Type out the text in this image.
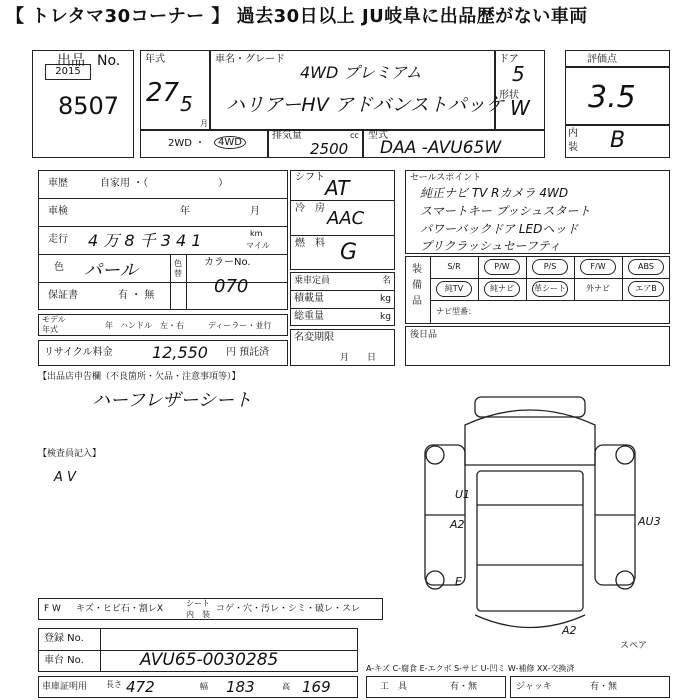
【 トレタマ30コーナー 】 過去30日以上 JU岐阜に出品歴がない車両
出品 No.
2015
8507
年式
27 5
月
車名・グレード
4WD プレミアム
ハリアーHV アドバンストパッケ
ドア
5
形状
W
評価点
3.5
内
装 B
2WD ・	4WD
排気量	cc
2500
型式
DAA -AVU65W
車歴	自家用 ・（　　　　　　　）
車検	年	月
走行 4 万 8 千 3 4 1	km
マイル
色 パール	色
替
カラーNo.
070
保証書	有 ・ 無
モデル
年式	年 ハンドル 左・右	ディーラー・並行
リサイクル料金 12,550 円 預託済
【出品店申告欄（不良箇所・欠品・注意事項等）】
ハーフレザーシート
【検査員記入】
A V
シフト AT
冷 房 AAC
燃 料 G
乗車定員	名
積載量	kg
総重量	kg
名変期限
月　　日
セールスポイント
純正ナビ TV Rカメラ 4WD
スマートキー プッシュスタート
パワーバックドア LEDヘッド
プリクラッシュセーフティ
装
備
品
S/R	P/W	P/S	F/W	ABS
純TV	純ナビ	革シート	外ナビ	エアB
ナビ型番：
後日品
U1
A2	AU3
E
A2
スペア
F W キズ・ヒビ石・割レX
シート
内　装
コゲ・穴・汚レ・シミ・破レ・スレ
登録 No.
車台 No.	AVU65-0030285
車庫証明用 長さ 472	幅 183	高 169
A-キズ C-腐食 E-エクボ S-サビ U-凹ミ W-補修 XX-交換済
工　具	有・無	ジャッキ	有・無
